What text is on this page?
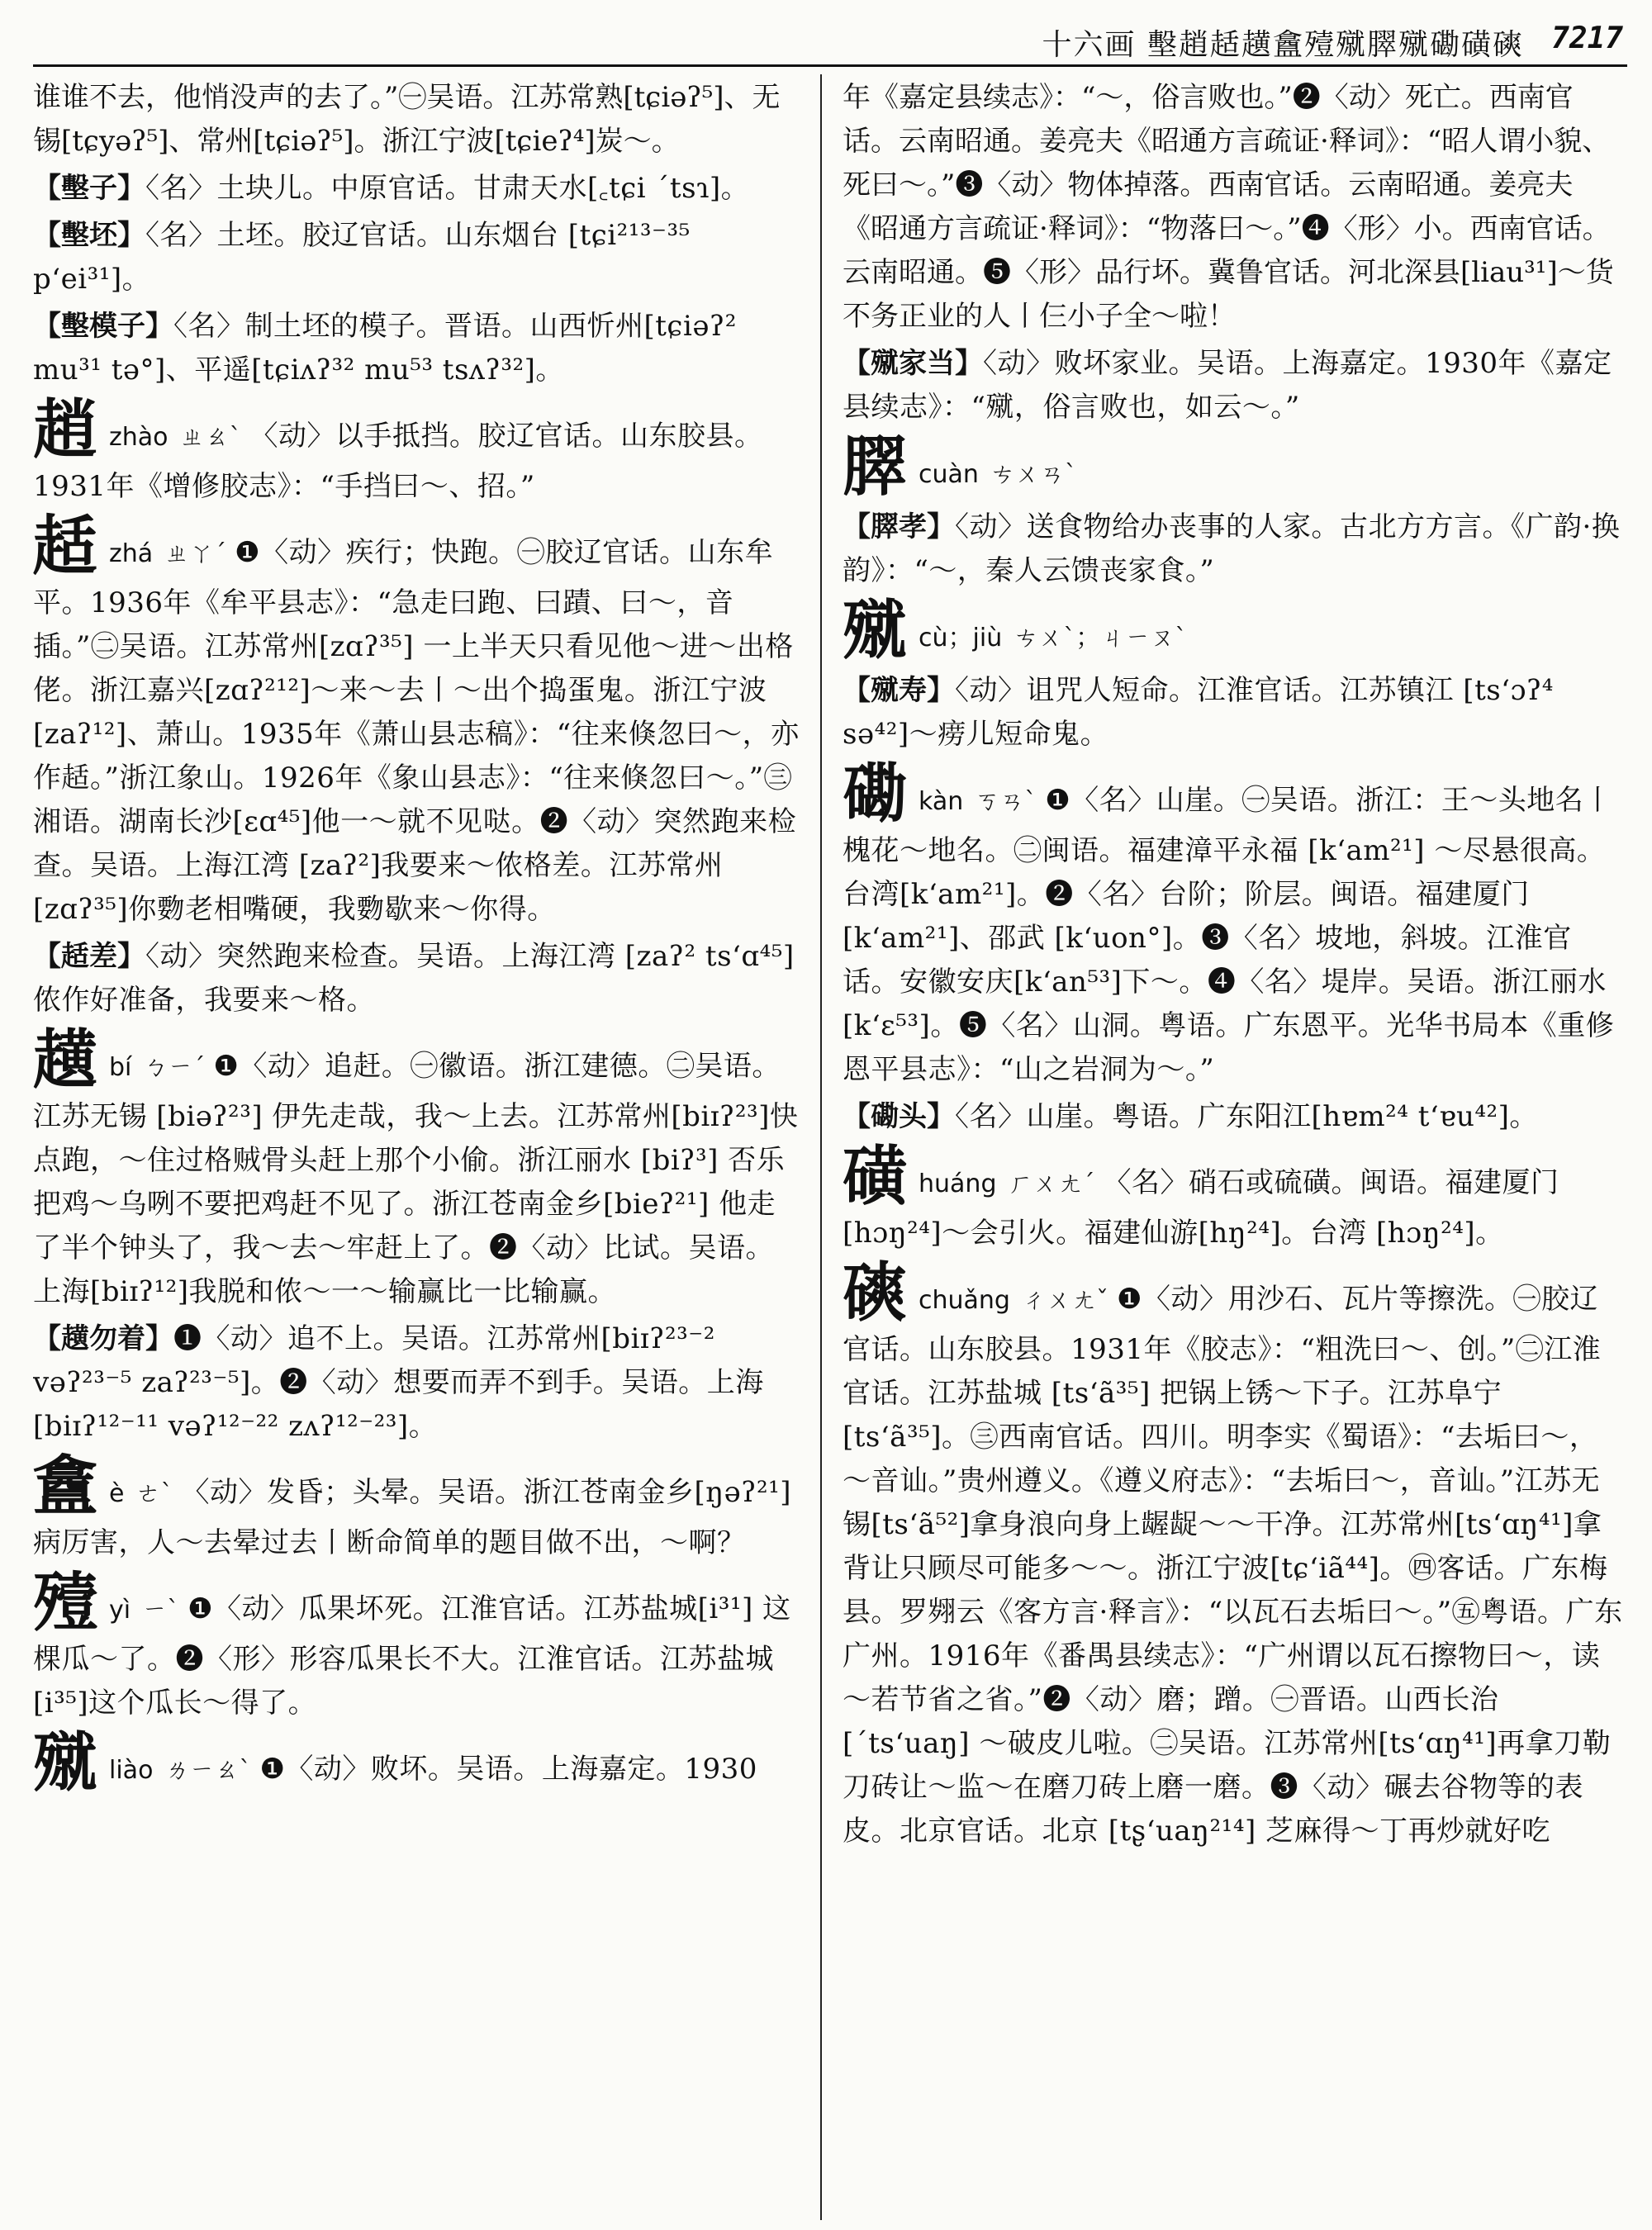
十六画 墼趙趏趪盫殪殧臎殧磡磺磢 7217

谁谁不去，他悄没声的去了。”㊀吴语。江苏常熟[tɕiəʔ⁵]、无锡[tɕyəʔ⁵]、常州[tɕiəʔ⁵]。浙江宁波[tɕieʔ⁴]炭～。

【墼子】〈名〉土块儿。中原官话。甘肃天水[꜀tɕi ˊtsɿ]。

【墼坯】〈名〉土坯。胶辽官话。山东烟台 [tɕi²¹³⁻³⁵ pʻei³¹]。

【墼模子】〈名〉制土坯的模子。晋语。山西忻州[tɕiəʔ² mu³¹ tə°]、平遥[tɕiʌʔ³² mu⁵³ tsʌʔ³²]。

趙zhào ㄓㄠˋ 〈动〉以手抵挡。胶辽官话。山东胶县。1931年《增修胶志》：“手挡曰～、招。”

趏zhá ㄓㄚˊ ❶〈动〉疾行；快跑。㊀胶辽官话。山东牟平。1936年《牟平县志》：“急走曰跑、曰蹟、曰～，音插。”㊁吴语。江苏常州[zɑʔ³⁵] 一上半天只看见他～进～出格佬。浙江嘉兴[zɑʔ²¹²]～来～去丨～出个捣蛋鬼。浙江宁波 [zaʔ¹²]、萧山。1935年《萧山县志稿》：“往来倏忽曰～，亦作趏。”浙江象山。1926年《象山县志》：“往来倏忽曰～。”㊂湘语。湖南长沙[ɛɑ⁴⁵]他一～就不见哒。❷〈动〉突然跑来检查。吴语。上海江湾 [zaʔ²]我要来～侬格差。江苏常州 [zɑʔ³⁵]你覅老相嘴硬，我覅歇来～你得。

【趏差】〈动〉突然跑来检查。吴语。上海江湾 [zaʔ² tsʻɑ⁴⁵]侬作好准备，我要来～格。

趪bí ㄅㄧˊ ❶〈动〉追赶。㊀徽语。浙江建德。㊁吴语。江苏无锡 [biəʔ²³] 伊先走哉，我～上去。江苏常州[biɪʔ²³]快点跑，～住过格贼骨头赶上那个小偷。浙江丽水 [biʔ³] 否乐把鸡～乌咧不要把鸡赶不见了。浙江苍南金乡[bieʔ²¹] 他走了半个钟头了，我～去～牢赶上了。❷〈动〉比试。吴语。上海[biɪʔ¹²]我脱和侬～一～输赢比一比输赢。

【趪勿着】❶〈动〉追不上。吴语。江苏常州[biɪʔ²³⁻² vəʔ²³⁻⁵ zaʔ²³⁻⁵]。❷〈动〉想要而弄不到手。吴语。上海[biɪʔ¹²⁻¹¹ vəʔ¹²⁻²² zʌʔ¹²⁻²³]。

盫è ㄜˋ 〈动〉发昏；头晕。吴语。浙江苍南金乡[ŋəʔ²¹]病厉害，人～去晕过去丨断命简单的题目做不出，～啊？

殪yì ㄧˋ ❶〈动〉瓜果坏死。江淮官话。江苏盐城[i³¹] 这棵瓜～了。❷〈形〉形容瓜果长不大。江淮官话。江苏盐城[i³⁵]这个瓜长～得了。

殧liào ㄌㄧㄠˋ ❶〈动〉败坏。吴语。上海嘉定。1930

年《嘉定县续志》：“～，俗言败也。”❷〈动〉死亡。西南官话。云南昭通。姜亮夫《昭通方言疏证·释词》：“昭人谓小貌、死曰～。”❸〈动〉物体掉落。西南官话。云南昭通。姜亮夫《昭通方言疏证·释词》：“物落曰～。”❹〈形〉小。西南官话。云南昭通。❺〈形〉品行坏。冀鲁官话。河北深县[liau³¹]～货不务正业的人丨仨小子全～啦！

【殧家当】〈动〉败坏家业。吴语。上海嘉定。1930年《嘉定县续志》：“殧，俗言败也，如云～。”

臎cuàn ㄘㄨㄢˋ

【臎孝】〈动〉送食物给办丧事的人家。古北方方言。《广韵·换韵》：“～，秦人云馈丧家食。”

殧cù；jiù ㄘㄨˋ；ㄐㄧㄡˋ

【殧寿】〈动〉诅咒人短命。江淮官话。江苏镇江 [tsʻɔʔ⁴ sə⁴²]～痨儿短命鬼。

磡kàn ㄎㄢˋ ❶〈名〉山崖。㊀吴语。浙江：王～头地名丨槐花～地名。㊁闽语。福建漳平永福 [kʻam²¹] ～尽悬很高。台湾[kʻam²¹]。❷〈名〉台阶；阶层。闽语。福建厦门[kʻam²¹]、邵武 [kʻuon°]。❸〈名〉坡地，斜坡。江淮官话。安徽安庆[kʻan⁵³]下～。❹〈名〉堤岸。吴语。浙江丽水 [kʻɛ⁵³]。❺〈名〉山洞。粤语。广东恩平。光华书局本《重修恩平县志》：“山之岩洞为～。”

【磡头】〈名〉山崖。粤语。广东阳江[hɐm²⁴ tʻɐu⁴²]。

磺huáng ㄏㄨㄤˊ 〈名〉硝石或硫磺。闽语。福建厦门[hɔŋ²⁴]～会引火。福建仙游[hŋ²⁴]。台湾 [hɔŋ²⁴]。

磢chuǎng ㄔㄨㄤˇ ❶〈动〉用沙石、瓦片等擦洗。㊀胶辽官话。山东胶县。1931年《胶志》：“粗洗曰～、创。”㊁江淮官话。江苏盐城 [tsʻã³⁵] 把锅上锈～下子。江苏阜宁[tsʻã³⁵]。㊂西南官话。四川。明李实《蜀语》：“去垢曰～，～音讪。”贵州遵义。《遵义府志》：“去垢曰～，音讪。”江苏无锡[tsʻã⁵²]拿身浪向身上龌龊～～干净。江苏常州[tsʻɑŋ⁴¹]拿背让只顾尽可能多～～。浙江宁波[tɕʻiã⁴⁴]。㊃客话。广东梅县。罗翙云《客方言·释言》：“以瓦石去垢曰～。”㊄粤语。广东广州。1916年《番禺县续志》：“广州谓以瓦石擦物曰～，读～若节省之省。”❷〈动〉磨；蹭。㊀晋语。山西长治[ˊtsʻuaŋ] ～破皮儿啦。㊁吴语。江苏常州[tsʻɑŋ⁴¹]再拿刀勒刀砖让～监～在磨刀砖上磨一磨。❸〈动〉碾去谷物等的表皮。北京官话。北京 [tʂʻuaŋ²¹⁴] 芝麻得～丁再炒就好吃
